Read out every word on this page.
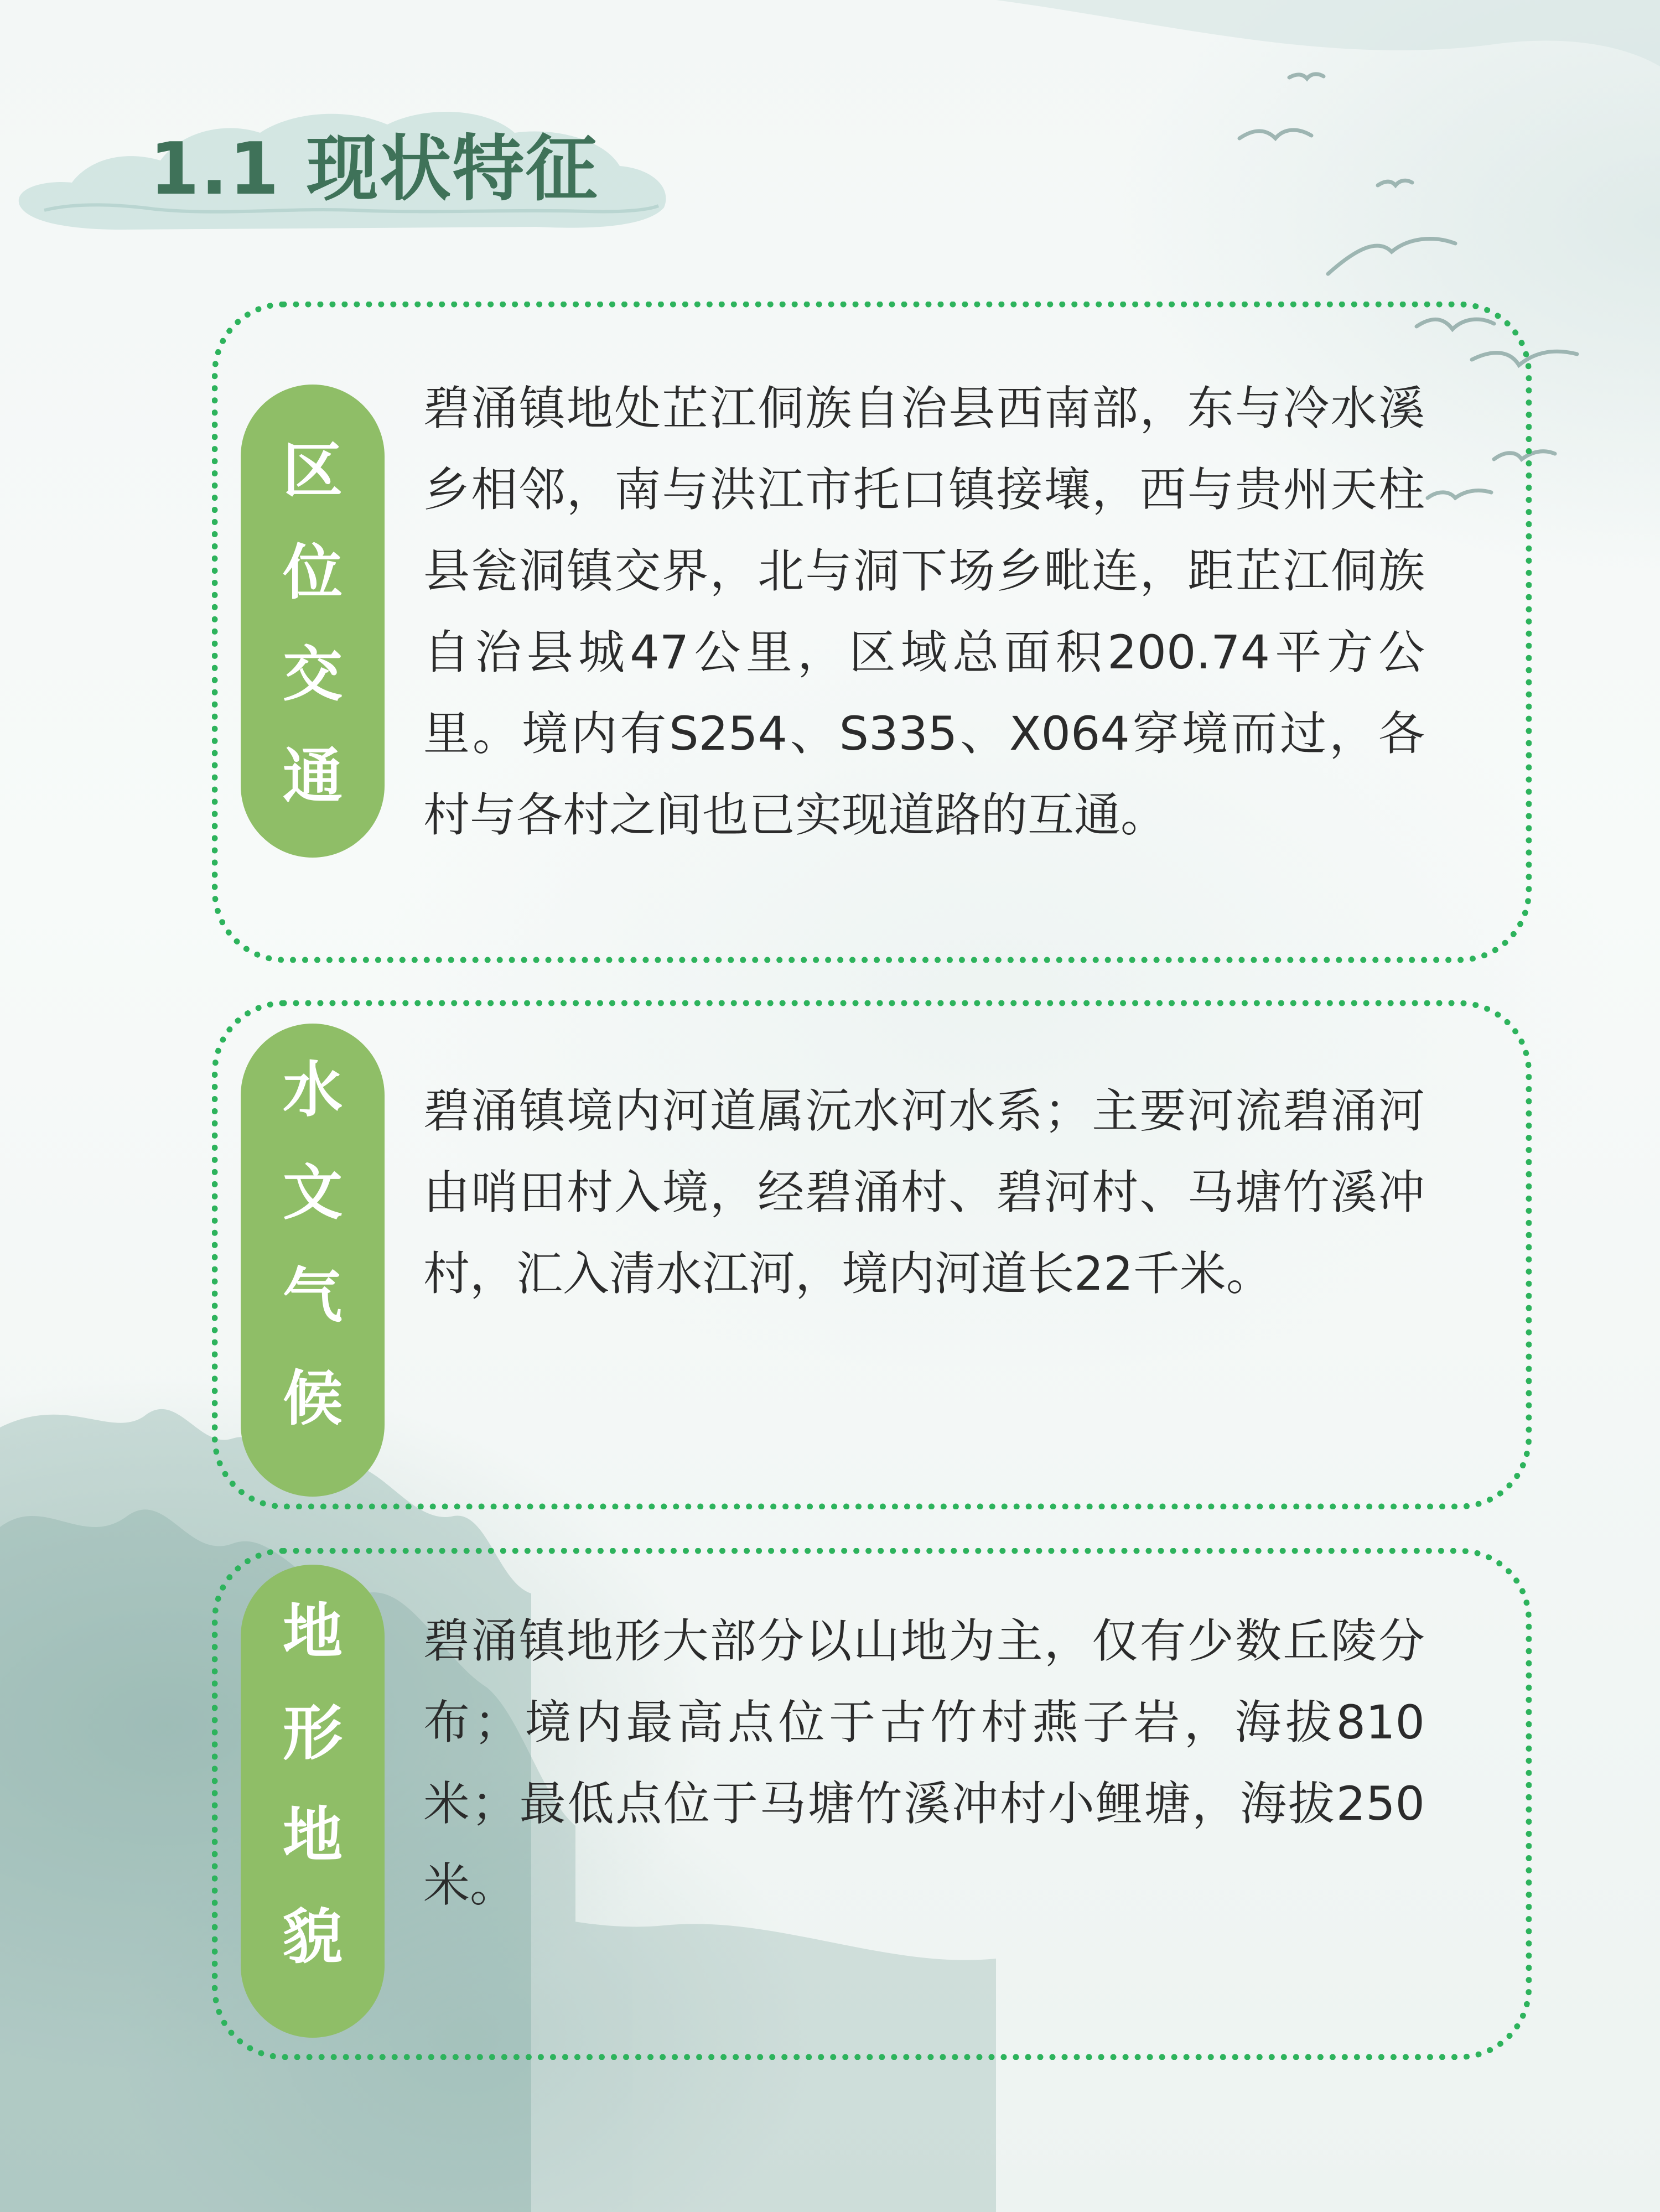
1.1 现状特征
区
位
交
通

碧涌镇地处芷江侗族自治县西南部，东与冷水溪乡相邻，南与洪江市托口镇接壤，西与贵州天柱县瓮洞镇交界，北与洞下场乡毗连，距芷江侗族自治县城47公里，区域总面积200.74平方公里。境内有S254、S335、X064穿境而过，各村与各村之间也已实现道路的互通。

水
文
气
候

碧涌镇境内河道属沅水河水系；主要河流碧涌河由哨田村入境，经碧涌村、碧河村、马塘竹溪冲村，汇入清水江河，境内河道长22千米。

地
形
地
貌

碧涌镇地形大部分以山地为主，仅有少数丘陵分布；境内最高点位于古竹村燕子岩，海拔810米；最低点位于马塘竹溪冲村小鲤塘，海拔250米。
